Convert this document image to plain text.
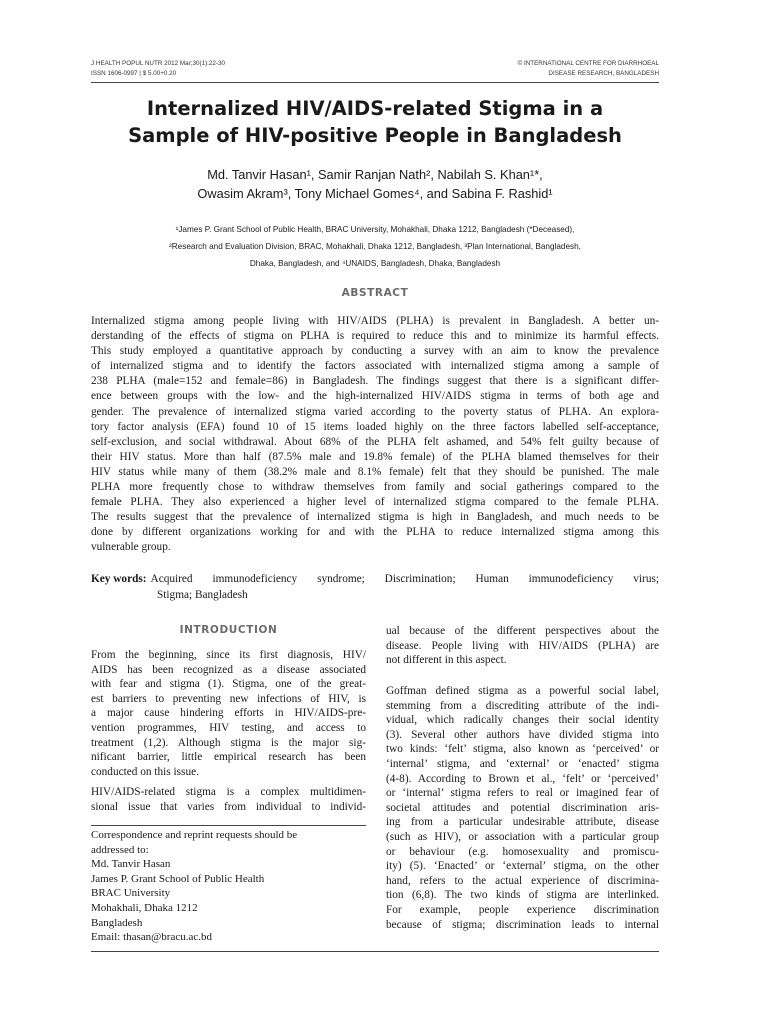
J HEALTH POPUL NUTR 2012 Mar;30(1):22-30
ISSN 1606-0997 | $ 5.00+0.20
© INTERNATIONAL CENTRE FOR DIARRHOEAL
DISEASE RESEARCH, BANGLADESH
Internalized HIV/AIDS-related Stigma in a
Sample of HIV-positive People in Bangladesh
Md. Tanvir Hasan¹, Samir Ranjan Nath², Nabilah S. Khan¹*,
Owasim Akram³, Tony Michael Gomes⁴, and Sabina F. Rashid¹
¹James P. Grant School of Public Health, BRAC University, Mohakhali, Dhaka 1212, Bangladesh (*Deceased),
²Research and Evaluation Division, BRAC, Mohakhali, Dhaka 1212, Bangladesh, ³Plan International, Bangladesh,
Dhaka, Bangladesh, and ⁴UNAIDS, Bangladesh, Dhaka, Bangladesh
ABSTRACT
Internalized stigma among people living with HIV/AIDS (PLHA) is prevalent in Bangladesh. A better un-
derstanding of the effects of stigma on PLHA is required to reduce this and to minimize its harmful effects.
This study employed a quantitative approach by conducting a survey with an aim to know the prevalence
of internalized stigma and to identify the factors associated with internalized stigma among a sample of
238 PLHA (male=152 and female=86) in Bangladesh. The findings suggest that there is a significant differ-
ence between groups with the low- and the high-internalized HIV/AIDS stigma in terms of both age and
gender. The prevalence of internalized stigma varied according to the poverty status of PLHA. An explora-
tory factor analysis (EFA) found 10 of 15 items loaded highly on the three factors labelled self-acceptance,
self-exclusion, and social withdrawal. About 68% of the PLHA felt ashamed, and 54% felt guilty because of
their HIV status. More than half (87.5% male and 19.8% female) of the PLHA blamed themselves for their
HIV status while many of them (38.2% male and 8.1% female) felt that they should be punished. The male
PLHA more frequently chose to withdraw themselves from family and social gatherings compared to the
female PLHA. They also experienced a higher level of internalized stigma compared to the female PLHA.
The results suggest that the prevalence of internalized stigma is high in Bangladesh, and much needs to be
done by different organizations working for and with the PLHA to reduce internalized stigma among this
vulnerable group.
Key words: Acquired immunodeficiency syndrome; Discrimination; Human immunodeficiency virus;
Stigma; Bangladesh
INTRODUCTION
From the beginning, since its first diagnosis, HIV/
AIDS has been recognized as a disease associated
with fear and stigma (1). Stigma, one of the great-
est barriers to preventing new infections of HIV, is
a major cause hindering efforts in HIV/AIDS-pre-
vention programmes, HIV testing, and access to
treatment (1,2). Although stigma is the major sig-
nificant barrier, little empirical research has been
conducted on this issue.
HIV/AIDS-related stigma is a complex multidimen-
sional issue that varies from individual to individ-
Correspondence and reprint requests should be
addressed to:
Md. Tanvir Hasan
James P. Grant School of Public Health
BRAC University
Mohakhali, Dhaka 1212
Bangladesh
Email: thasan@bracu.ac.bd
ual because of the different perspectives about the
disease. People living with HIV/AIDS (PLHA) are
not different in this aspect.
Goffman defined stigma as a powerful social label,
stemming from a discrediting attribute of the indi-
vidual, which radically changes their social identity
(3). Several other authors have divided stigma into
two kinds: ‘felt’ stigma, also known as ‘perceived’ or
‘internal’ stigma, and ‘external’ or ‘enacted’ stigma
(4-8). According to Brown et al., ‘felt’ or ‘perceived’
or ‘internal’ stigma refers to real or imagined fear of
societal attitudes and potential discrimination aris-
ing from a particular undesirable attribute, disease
(such as HIV), or association with a particular group
or behaviour (e.g. homosexuality and promiscu-
ity) (5). ‘Enacted’ or ‘external’ stigma, on the other
hand, refers to the actual experience of discrimina-
tion (6,8). The two kinds of stigma are interlinked.
For example, people experience discrimination
because of stigma; discrimination leads to internal
